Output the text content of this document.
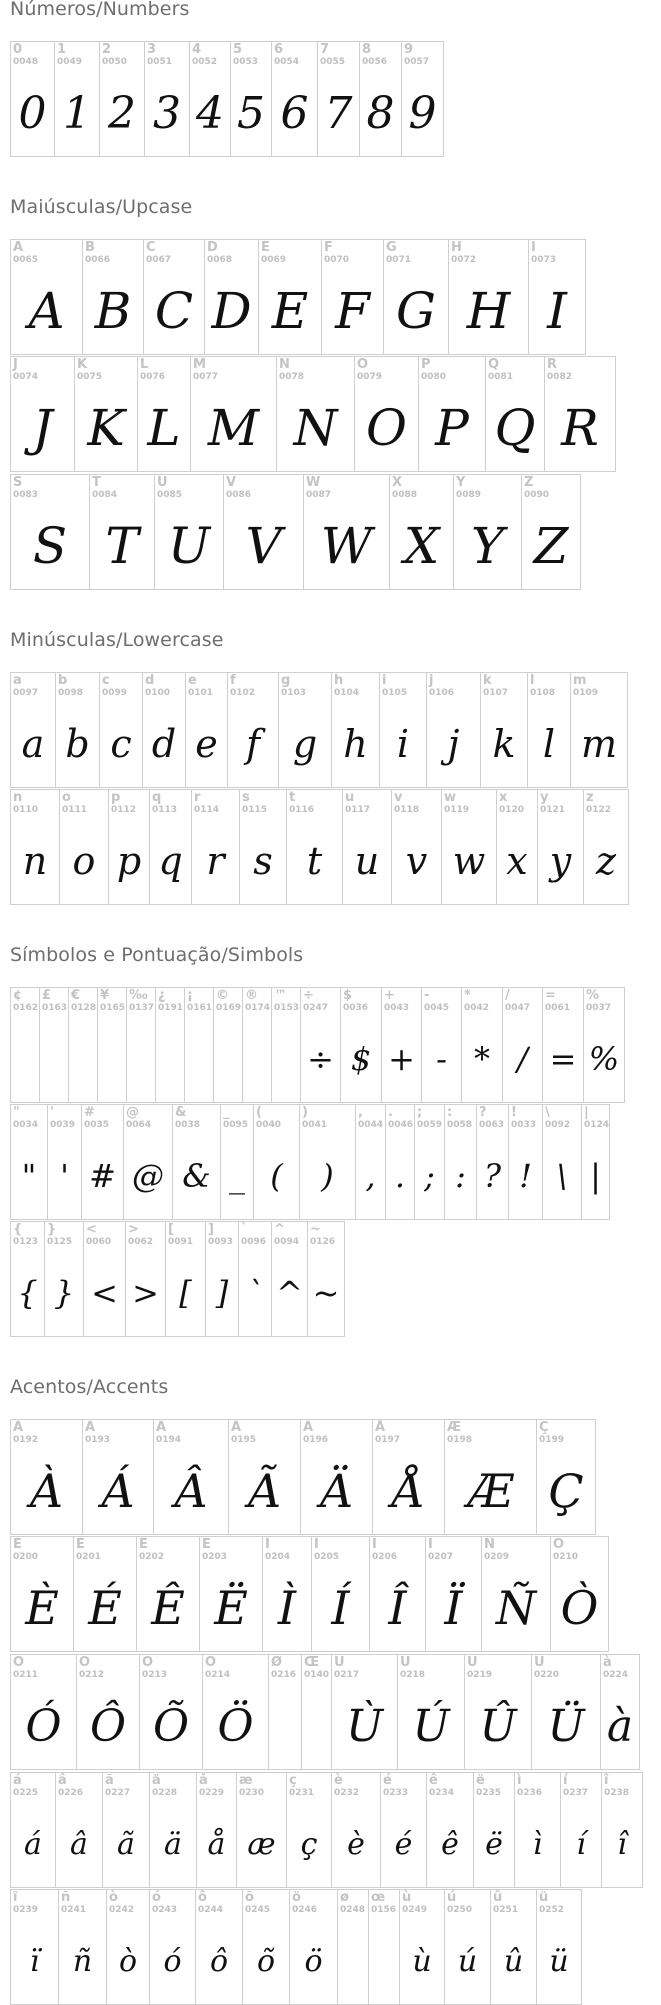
Números/Numbers
0
0048
0
1
0049
1
2
0050
2
3
0051
3
4
0052
4
5
0053
5
6
0054
6
7
0055
7
8
0056
8
9
0057
9
Maiúsculas/Upcase
A
0065
A
B
0066
B
C
0067
C
D
0068
D
E
0069
E
F
0070
F
G
0071
G
H
0072
H
I
0073
I
J
0074
J
K
0075
K
L
0076
L
M
0077
M
N
0078
N
O
0079
O
P
0080
P
Q
0081
Q
R
0082
R
S
0083
S
T
0084
T
U
0085
U
V
0086
V
W
0087
W
X
0088
X
Y
0089
Y
Z
0090
Z
Minúsculas/Lowercase
a
0097
a
b
0098
b
c
0099
c
d
0100
d
e
0101
e
f
0102
f
g
0103
g
h
0104
h
i
0105
i
j
0106
j
k
0107
k
l
0108
l
m
0109
m
n
0110
n
o
0111
o
p
0112
p
q
0113
q
r
0114
r
s
0115
s
t
0116
t
u
0117
u
v
0118
v
w
0119
w
x
0120
x
y
0121
y
z
0122
z
Símbolos e Pontuação/Simbols
¢
0162
£
0163
€
0128
¥
0165
‰
0137
¿
0191
¡
0161
©
0169
®
0174
™
0153
÷
0247
÷
$
0036
$
+
0043
+
-
0045
-
*
0042
*
/
0047
/
=
0061
=
%
0037
%
"
0034
"
'
0039
'
#
0035
#
@
0064
@
&
0038
&
_
0095
_
(
0040
(
)
0041
)
,
0044
,
.
0046
.
;
0059
;
:
0058
:
?
0063
?
!
0033
!
\
0092
\
|
0124
|
{
0123
{
}
0125
}
<
0060
<
>
0062
>
[
0091
[
]
0093
]
`
0096
`
^
0094
^
~
0126
~
Acentos/Accents
À
0192
À
Á
0193
Á
Â
0194
Â
Ã
0195
Ã
Ä
0196
Ä
Å
0197
Å
Æ
0198
Æ
Ç
0199
Ç
È
0200
È
É
0201
É
Ê
0202
Ê
Ë
0203
Ë
Ì
0204
Ì
Í
0205
Í
Î
0206
Î
Ï
0207
Ï
Ñ
0209
Ñ
Ò
0210
Ò
Ó
0211
Ó
Ô
0212
Ô
Õ
0213
Õ
Ö
0214
Ö
Ø
0216
Œ
0140
Ù
0217
Ù
Ú
0218
Ú
Û
0219
Û
Ü
0220
Ü
à
0224
à
á
0225
á
â
0226
â
ã
0227
ã
ä
0228
ä
å
0229
å
æ
0230
æ
ç
0231
ç
è
0232
è
é
0233
é
ê
0234
ê
ë
0235
ë
ì
0236
ì
í
0237
í
î
0238
î
ï
0239
ï
ñ
0241
ñ
ò
0242
ò
ó
0243
ó
ô
0244
ô
õ
0245
õ
ö
0246
ö
ø
0248
œ
0156
ù
0249
ù
ú
0250
ú
û
0251
û
ü
0252
ü
